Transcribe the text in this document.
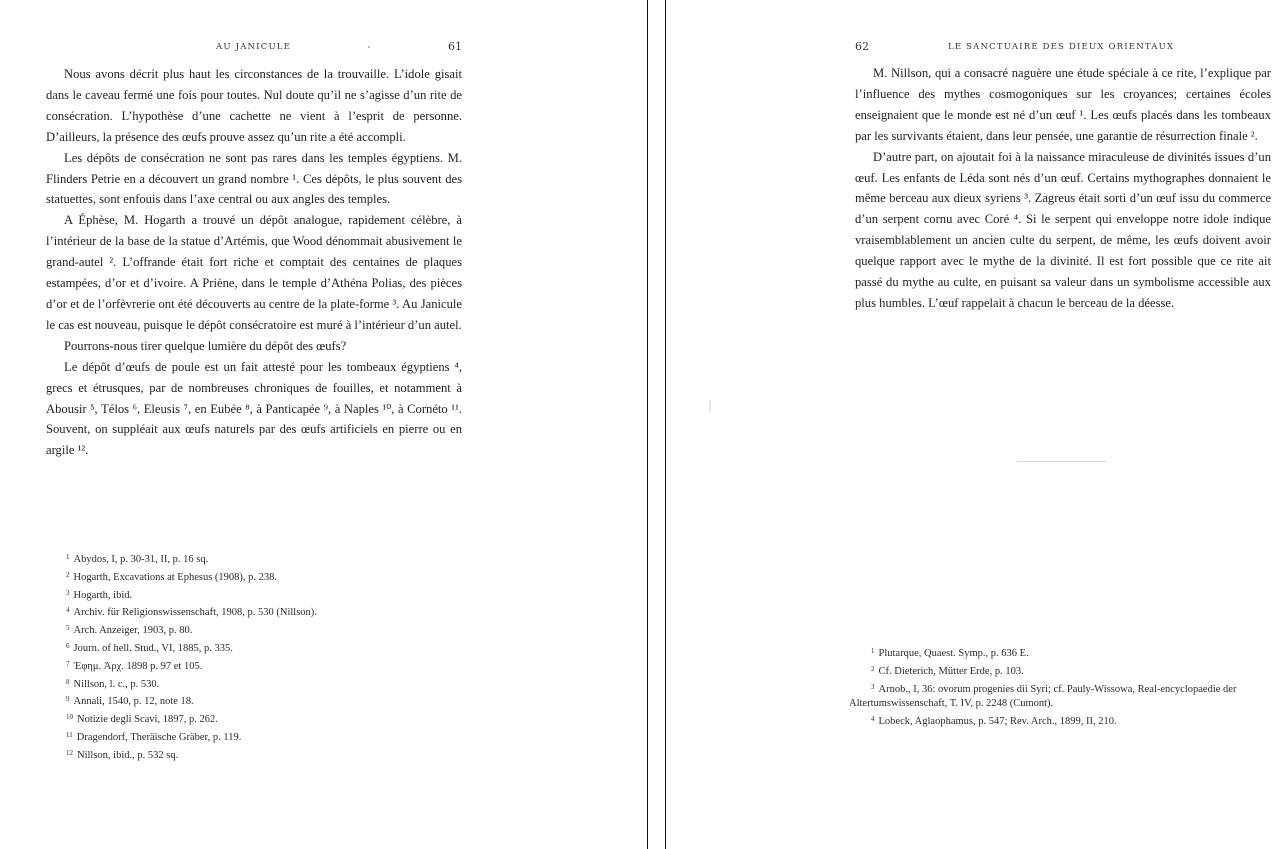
AU JANICULE	61

Nous avons décrit plus haut les circonstances de la trouvaille. L’idole gisait dans le caveau fermé une fois pour toutes. Nul doute qu’il ne s’agisse d’un rite de consécration. L’hypothèse d’une cachette ne vient à l’esprit de personne. D’ailleurs, la présence des œufs prouve assez qu’un rite a été accompli.

Les dépôts de consécration ne sont pas rares dans les temples égyptiens. M. Flinders Petrie en a découvert un grand nombre ¹. Ces dépôts, le plus souvent des statuettes, sont enfouis dans l’axe central ou aux angles des temples.

A Éphèse, M. Hogarth a trouvé un dépôt analogue, rapidement célèbre, à l’intérieur de la base de la statue d’Artémis, que Wood dénommait abusivement le grand-autel ². L’offrande était fort riche et comptait des centaines de plaques estampées, d’or et d’ivoire. A Priène, dans le temple d’Athéna Polias, des pièces d’or et de l’orfèvrerie ont été découverts au centre de la plate-forme ³. Au Janicule le cas est nouveau, puisque le dépôt consécratoire est muré à l’intérieur d’un autel.

Pourrons-nous tirer quelque lumière du dépôt des œufs?

Le dépôt d’œufs de poule est un fait attesté pour les tombeaux égyptiens ⁴, grecs et étrusques, par de nombreuses chroniques de fouilles, et notamment à Abousir ⁵, Télos ⁶, Eleusis ⁷, en Eubée ⁸, à Panticapée ⁹, à Naples ¹⁰, à Cornéto ¹¹. Souvent, on suppléait aux œufs naturels par des œufs artificiels en pierre ou en argile ¹².

$^1$ Abydos, I, p. 30-31, II, p. 16 sq.
$^2$ Hogarth, Excavations at Ephesus (1908), p. 238.
$^3$ Hogarth, ibid.
$^4$ Archiv. für Religionswissenschaft, 1908, p. 530 (Nillson).
$^5$ Arch. Anzeiger, 1903, p. 80.
$^6$ Journ. of hell. Stud., VI, 1885, p. 335.
$^7$ Ἐφημ. Ἀρχ. 1898 p. 97 et 105.
$^8$ Nillson, l. c., p. 530.
$^9$ Annali, 1540, p. 12, note 18.
$^{10}$ Notizie degli Scavi, 1897, p. 262.
$^{11}$ Dragendorf, Theräische Gräber, p. 119.
$^{12}$ Nillson, ibid., p. 532 sq.
62	LE SANCTUAIRE DES DIEUX ORIENTAUX

M. Nillson, qui a consacré naguère une étude spéciale à ce rite, l’explique par l’influence des mythes cosmogoniques sur les croyances; certaines écoles enseignaient que le monde est né d’un œuf ¹. Les œufs placés dans les tombeaux par les survivants étaient, dans leur pensée, une garantie de résurrection finale ².

D’autre part, on ajoutait foi à la naissance miraculeuse de divinités issues d’un œuf. Les enfants de Léda sont nés d’un œuf. Certains mythographes donnaient le même berceau aux dieux syriens ³. Zagreus était sorti d’un œuf issu du commerce d’un serpent cornu avec Coré ⁴. Si le serpent qui enveloppe notre idole indique vraisemblablement un ancien culte du serpent, de même, les œufs doivent avoir quelque rapport avec le mythe de la divinité. Il est fort possible que ce rite ait passé du mythe au culte, en puisant sa valeur dans un symbolisme accessible aux plus humbles. L’œuf rappelait à chacun le berceau de la déesse.

$^1$ Plutarque, Quaest. Symp., p. 636 E.
$^2$ Cf. Dieterich, Mütter Erde, p. 103.
$^3$ Arnob., I, 36: ovorum progenies dii Syri; cf. Pauly-Wissowa, Real-encyclopaedie der Altertumswissenschaft, T. IV, p. 2248 (Cumont).
$^4$ Lobeck, Aglaophamus, p. 547; Rev. Arch., 1899, II, 210.
